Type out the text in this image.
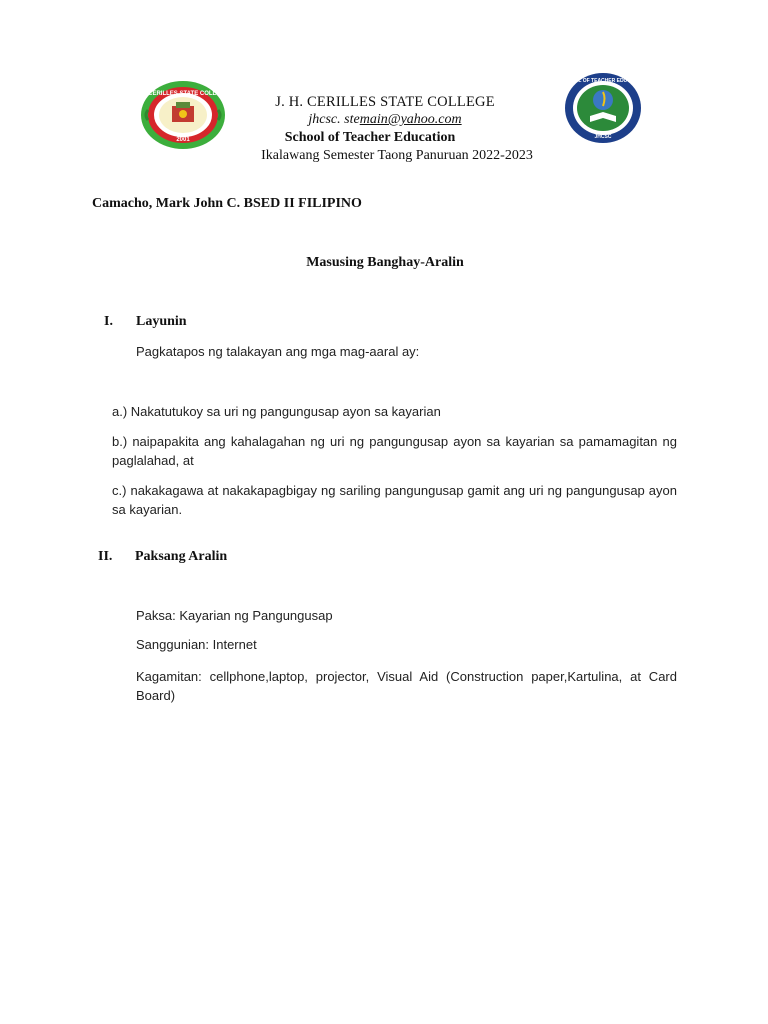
J.H.CERILLES STATE COLLEGE
2001
SCHOOL OF TEACHER EDUCATION
JHCSC
J. H. CERILLES STATE COLLEGE
jhcsc. stemain@yahoo.com
School of Teacher Education
Ikalawang Semester Taong Panuruan 2022-2023
Camacho, Mark John C. BSED II FILIPINO
Masusing Banghay-Aralin
I. Layunin
Pagkatapos ng talakayan ang mga mag-aaral ay:
a.) Nakatutukoy sa uri ng pangungusap ayon sa kayarian
b.) naipapakita ang kahalagahan ng uri ng pangungusap ayon sa kayarian sa pamamagitan ng paglalahad, at
c.) nakakagawa at nakakapagbigay ng sariling pangungusap gamit ang uri ng pangungusap ayon sa kayarian.
II. Paksang Aralin
Paksa: Kayarian ng Pangungusap
Sanggunian: Internet
Kagamitan: cellphone,laptop, projector, Visual Aid (Construction paper,Kartulina, at Card Board)
